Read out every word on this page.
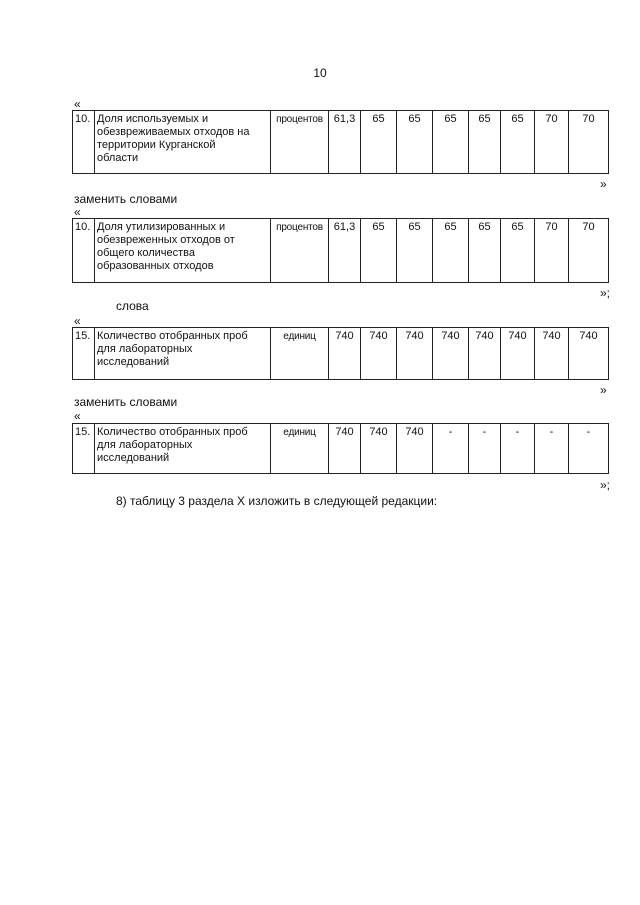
10
«
10.	Доля используемых и
обезвреживаемых отходов на
территории Курганской
области
	процентов	61,3	65	65	65	65	65	70	70
»
заменить словами
«
10.	Доля утилизированных и
обезвреженных отходов от
общего количества
образованных отходов
	процентов	61,3	65	65	65	65	65	70	70
»;
слова
«
15.	Количество отобранных проб
для лабораторных
исследований
	единиц	740	740	740	740	740	740	740	740
»
заменить словами
«
15.	Количество отобранных проб
для лабораторных
исследований
	единиц	740	740	740	-	-	-	-	-
»;
8) таблицу 3 раздела X изложить в следующей редакции:
